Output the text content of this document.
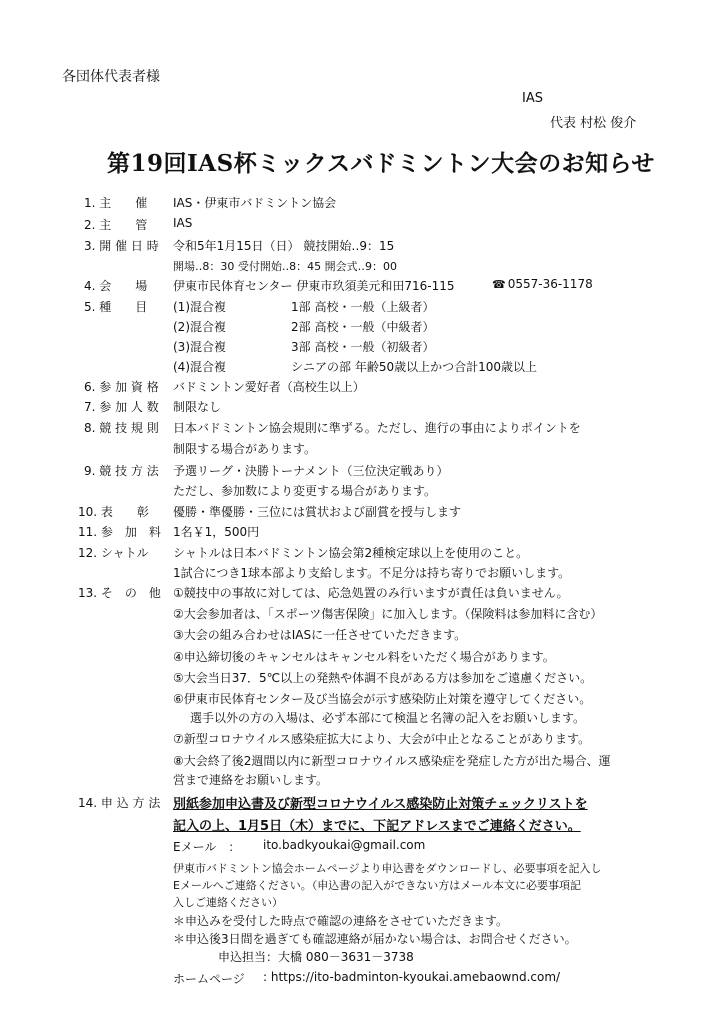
各団体代表者様
IAS
代表 村松 俊介
第19回IAS杯ミックスバドミントン大会のお知らせ
1. 主　　催 IAS・伊東市バドミントン協会
2. 主　　管 IAS
3. 開 催 日 時 令和5年1月15日（日） 競技開始‥9：15
開場‥8：30 受付開始‥8：45 開会式‥9：00
4. 会　　場 伊東市民体育センター 伊東市玖須美元和田716-115	☎ 0557-36-1178
5. 種　　目 (1)混合複	1部 高校・一般（上級者）
(2)混合複	2部 高校・一般（中級者）
(3)混合複	3部 高校・一般（初級者）
(4)混合複	シニアの部 年齢50歳以上かつ合計100歳以上
6. 参 加 資 格 バドミントン愛好者（高校生以上）
7. 参 加 人 数 制限なし
8. 競 技 規 則 日本バドミントン協会規則に準ずる。ただし、進行の事由によりポイントを
制限する場合があります。
9. 競 技 方 法 予選リーグ・決勝トーナメント（三位決定戦あり）
ただし、参加数により変更する場合があります。
10. 表　　彰 優勝・準優勝・三位には賞状および副賞を授与します
11. 参　加　料 1名￥1，500円
12. シャトル シャトルは日本バドミントン協会第2種検定球以上を使用のこと。
1試合につき1球本部より支給します。不足分は持ち寄りでお願いします。
13. そ　の　他 ①競技中の事故に対しては、応急処置のみ行いますが責任は負いません。
②大会参加者は、「スポーツ傷害保険」に加入します。（保険料は参加料に含む）
③大会の組み合わせはIASに一任させていただきます。
④申込締切後のキャンセルはキャンセル料をいただく場合があります。
⑤大会当日37．5℃以上の発熱や体調不良がある方は参加をご遠慮ください。
⑥伊東市民体育センター及び当協会が示す感染防止対策を遵守してください。
選手以外の方の入場は、必ず本部にて検温と名簿の記入をお願いします。
⑦新型コロナウイルス感染症拡大により、大会が中止となることがあります。
⑧大会終了後2週間以内に新型コロナウイルス感染症を発症した方が出た場合、運
営まで連絡をお願いします。
14. 申 込 方 法 別紙参加申込書及び新型コロナウイルス感染防止対策チェックリストを
記入の上、1月5日（木）までに、下記アドレスまでご連絡ください。
Eメール　： ito.badkyoukai@gmail.com
伊東市バドミントン協会ホームページより申込書をダウンロードし、必要事項を記入し
Eメールへご連絡ください。（申込書の記入ができない方はメール本文に必要事項記
入しご連絡ください）
＊申込みを受付した時点で確認の連絡をさせていただきます。
＊申込後3日間を過ぎても確認連絡が届かない場合は、お問合せください。
申込担当：大橋 080－3631－3738
ホームページ : https://ito-badminton-kyoukai.amebaownd.com/
